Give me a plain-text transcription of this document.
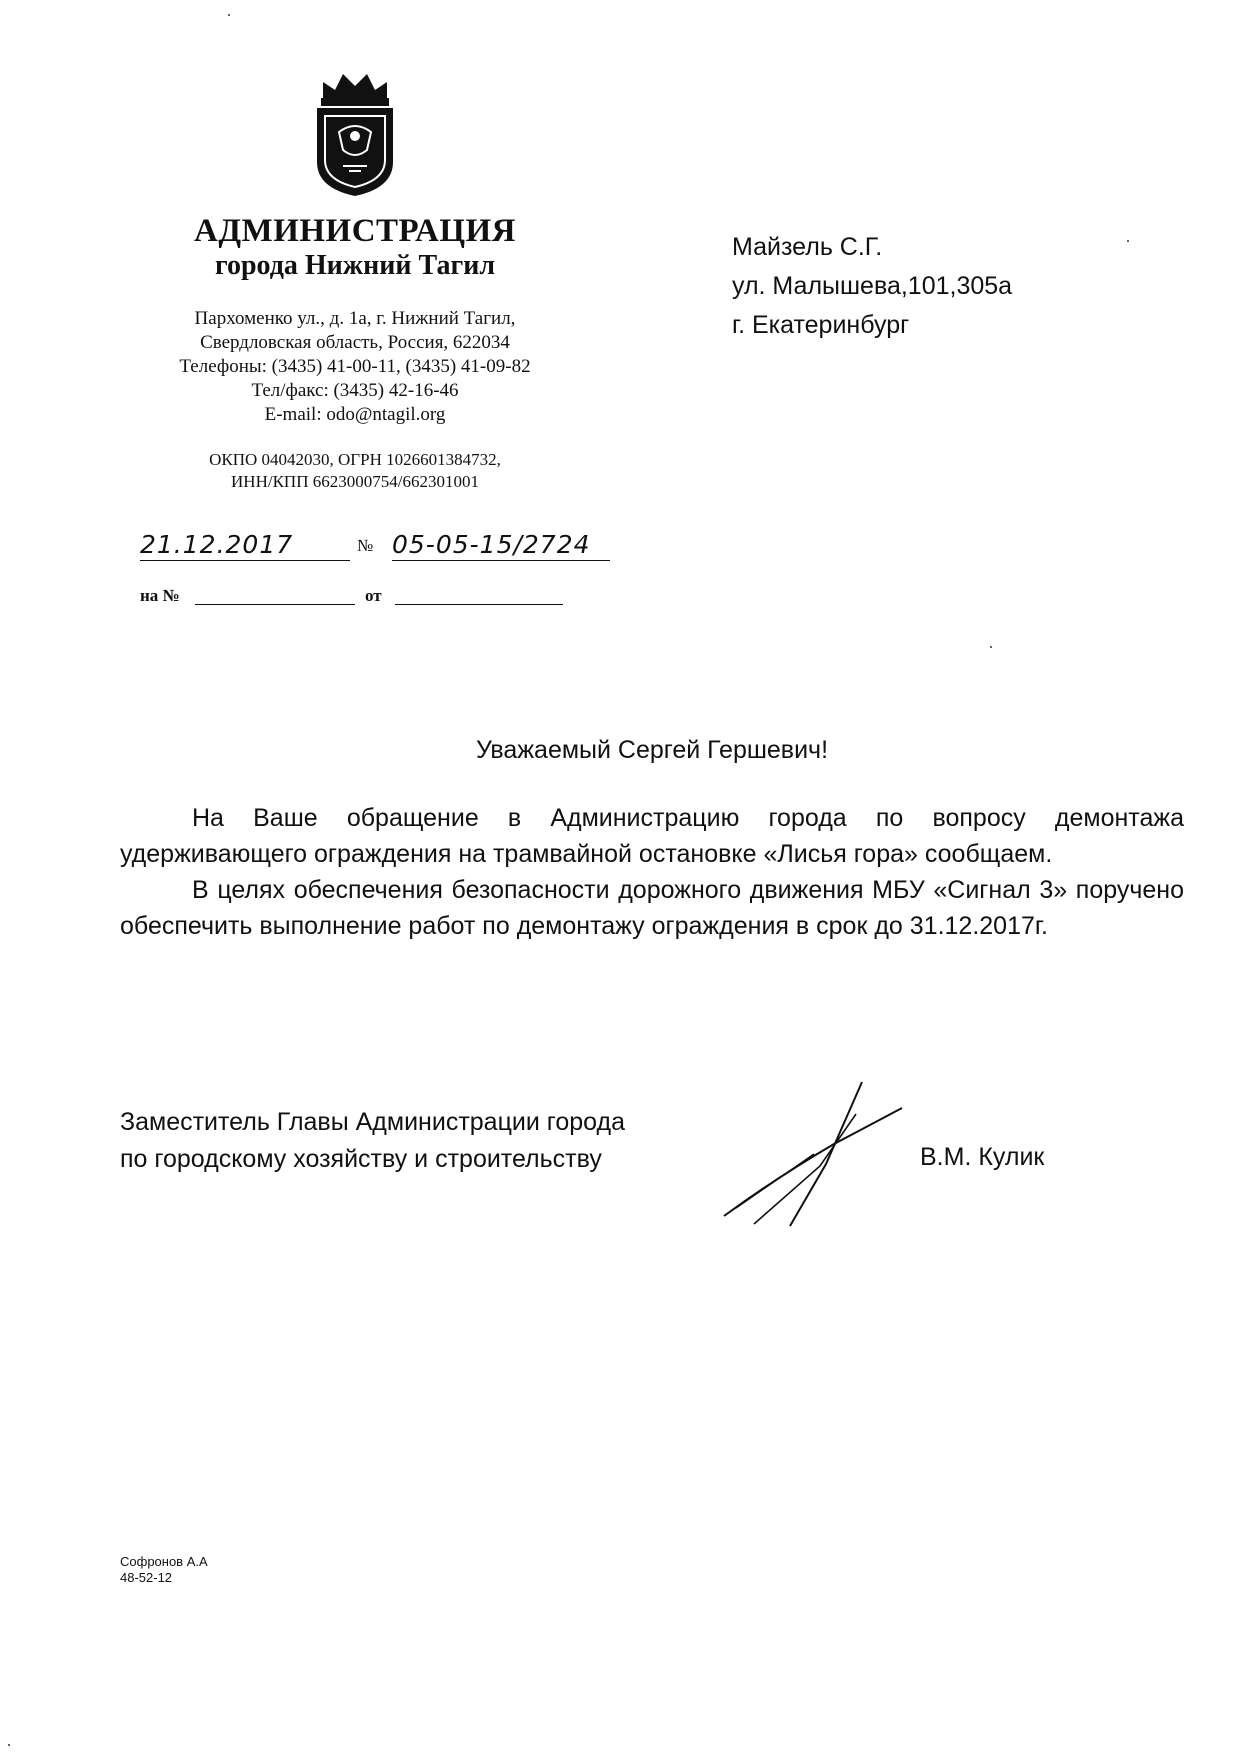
АДМИНИСТРАЦИЯ
города Нижний Тагил
Пархоменко ул., д. 1а, г. Нижний Тагил,
Свердловская область, Россия, 622034
Телефоны: (3435) 41-00-11, (3435) 41-09-82
Тел/факс: (3435) 42-16-46
E-mail: odo@ntagil.org
ОКПО 04042030, ОГРН 1026601384732,
ИНН/КПП 6623000754/662301001
21.12.2017	№ 05-05-15/2724
на №	от
Майзель С.Г.
ул. Малышева,101,305а
г. Екатеринбург
Уважаемый Сергей Гершевич!

На Ваше обращение в Администрацию города по вопросу демонтажа удерживающего ограждения на трамвайной остановке «Лисья гора» сообщаем.

В целях обеспечения безопасности дорожного движения МБУ «Сигнал 3» поручено обеспечить выполнение работ по демонтажу ограждения в срок до 31.12.2017г.

Заместитель Главы Администрации города
по городскому хозяйству и строительству	В.М. Кулик
Софронов А.А
48-52-12
